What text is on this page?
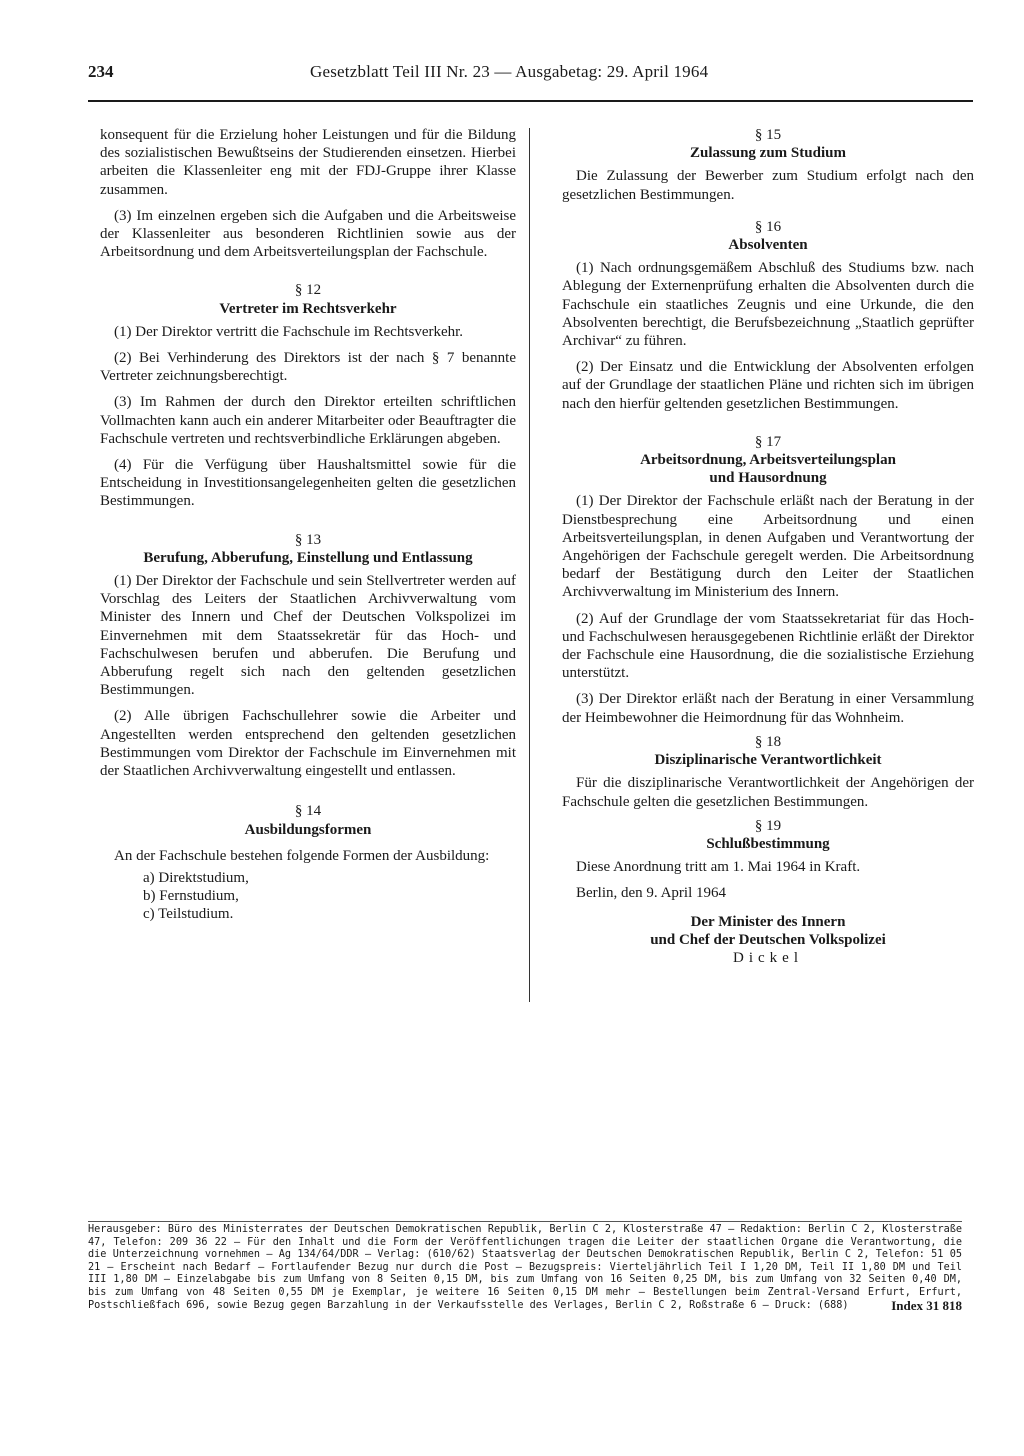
234	Gesetzblatt Teil III Nr. 23 — Ausgabetag: 29. April 1964

konsequent für die Erzielung hoher Leistungen und für die Bildung des sozialistischen Bewußtseins der Studierenden einsetzen. Hierbei arbeiten die Klassenleiter eng mit der FDJ-Gruppe ihrer Klasse zusammen.

(3) Im einzelnen ergeben sich die Aufgaben und die Arbeitsweise der Klassenleiter aus besonderen Richtlinien sowie aus der Arbeitsordnung und dem Arbeitsverteilungsplan der Fachschule.

§ 12

Vertreter im Rechtsverkehr

(1) Der Direktor vertritt die Fachschule im Rechtsverkehr.

(2) Bei Verhinderung des Direktors ist der nach § 7 benannte Vertreter zeichnungsberechtigt.

(3) Im Rahmen der durch den Direktor erteilten schriftlichen Vollmachten kann auch ein anderer Mitarbeiter oder Beauftragter die Fachschule vertreten und rechtsverbindliche Erklärungen abgeben.

(4) Für die Verfügung über Haushaltsmittel sowie für die Entscheidung in Investitionsangelegenheiten gelten die gesetzlichen Bestimmungen.

§ 13

Berufung, Abberufung, Einstellung und Entlassung

(1) Der Direktor der Fachschule und sein Stellvertreter werden auf Vorschlag des Leiters der Staatlichen Archivverwaltung vom Minister des Innern und Chef der Deutschen Volkspolizei im Einvernehmen mit dem Staatssekretär für das Hoch- und Fachschulwesen berufen und abberufen. Die Berufung und Abberufung regelt sich nach den geltenden gesetzlichen Bestimmungen.

(2) Alle übrigen Fachschullehrer sowie die Arbeiter und Angestellten werden entsprechend den geltenden gesetzlichen Bestimmungen vom Direktor der Fachschule im Einvernehmen mit der Staatlichen Archivverwaltung eingestellt und entlassen.

§ 14

Ausbildungsformen

An der Fachschule bestehen folgende Formen der Ausbildung:

a) Direktstudium,
b) Fernstudium,
c) Teilstudium.

§ 15

Zulassung zum Studium

Die Zulassung der Bewerber zum Studium erfolgt nach den gesetzlichen Bestimmungen.

§ 16

Absolventen

(1) Nach ordnungsgemäßem Abschluß des Studiums bzw. nach Ablegung der Externenprüfung erhalten die Absolventen durch die Fachschule ein staatliches Zeugnis und eine Urkunde, die den Absolventen berechtigt, die Berufsbezeichnung „Staatlich geprüfter Archivar“ zu führen.

(2) Der Einsatz und die Entwicklung der Absolventen erfolgen auf der Grundlage der staatlichen Pläne und richten sich im übrigen nach den hierfür geltenden gesetzlichen Bestimmungen.

§ 17

Arbeitsordnung, Arbeitsverteilungsplan

und Hausordnung

(1) Der Direktor der Fachschule erläßt nach der Beratung in der Dienstbesprechung eine Arbeitsordnung und einen Arbeitsverteilungsplan, in denen Aufgaben und Verantwortung der Angehörigen der Fachschule geregelt werden. Die Arbeitsordnung bedarf der Bestätigung durch den Leiter der Staatlichen Archivverwaltung im Ministerium des Innern.

(2) Auf der Grundlage der vom Staatssekretariat für das Hoch- und Fachschulwesen herausgegebenen Richtlinie erläßt der Direktor der Fachschule eine Hausordnung, die die sozialistische Erziehung unterstützt.

(3) Der Direktor erläßt nach der Beratung in einer Versammlung der Heimbewohner die Heimordnung für das Wohnheim.

§ 18

Disziplinarische Verantwortlichkeit

Für die disziplinarische Verantwortlichkeit der Angehörigen der Fachschule gelten die gesetzlichen Bestimmungen.

§ 19

Schlußbestimmung

Diese Anordnung tritt am 1. Mai 1964 in Kraft.

Berlin, den 9. April 1964

Der Minister des Innern

und Chef der Deutschen Volkspolizei

Dickel

Herausgeber: Büro des Ministerrates der Deutschen Demokratischen Republik, Berlin C 2, Klosterstraße 47 – Redaktion: Berlin C 2, Klosterstraße 47, Telefon: 209 36 22 – Für den Inhalt und die Form der Veröffentlichungen tragen die Leiter der staatlichen Organe die Verantwortung, die die Unterzeichnung vornehmen – Ag 134/64/DDR – Verlag: (610/62) Staatsverlag der Deutschen Demokratischen Republik, Berlin C 2, Telefon: 51 05 21 – Erscheint nach Bedarf – Fortlaufender Bezug nur durch die Post – Bezugspreis: Vierteljährlich Teil I 1,20 DM, Teil II 1,80 DM und Teil III 1,80 DM – Einzelabgabe bis zum Umfang von 8 Seiten 0,15 DM, bis zum Umfang von 16 Seiten 0,25 DM, bis zum Umfang von 32 Seiten 0,40 DM, bis zum Umfang von 48 Seiten 0,55 DM je Exemplar, je weitere 16 Seiten 0,15 DM mehr – Bestellungen beim Zentral-Versand Erfurt, Erfurt, Postschließfach 696, sowie Bezug gegen Barzahlung in der Verkaufsstelle des Verlages, Berlin C 2, Roßstraße 6 – Druck: (688)	Index 31 818
